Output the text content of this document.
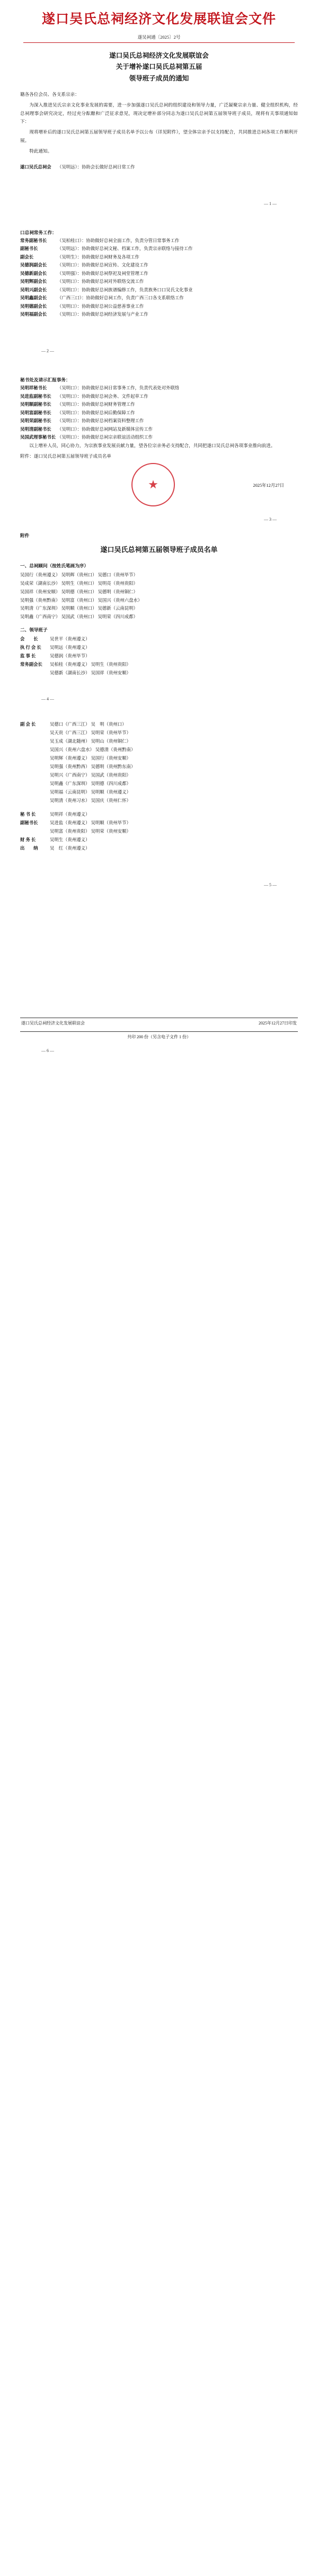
遂口吴氏总祠经济文化发展联谊会文件
遂吴祠通〔2025〕2号
遂口吴氏总祠经济文化发展联谊会
关于增补遂口吴氏总祠第五届
领导班子成员的通知

籍各各位会员、各支系宗亲：

为深入推进吴氏宗亲文化事业发展的需要，进一步加强遂口吴氏总祠的组织建设和领导力量，广泛凝聚宗亲力量、健全组织机构，经总祠理事会研究决定，经过充分酝酿和广泛征求意见，现决定增补部分同志为遂口吴氏总祠第五届领导班子成员，现将有关事项通知如下：

现将增补后的遂口吴氏总祠第五届领导班子成员名单予以公布（详见附件），望全体宗亲予以支持配合，共同推进总祠各项工作顺利开展。

特此通知。

遂口吴氏总祠会	（吴明远）：协助会长做好总祠日常工作
— 1 —
口总祠常务工作：
常务副秘书长	（吴柏桂口）：协助做好总祠全面工作，负责分管日常事务工作
副秘书长	（吴明远）：协助做好总祠文秘、档案工作，负责宗亲联络与接待工作
副会长	（吴明生）：协助做好总祠财务及各项工作
吴德润副会长	（吴明口）：协助做好总祠宣传、文化建设工作
吴德新副会长	（吴明强）：协助做好总祠祭祀及祠堂管理工作
吴明辉副会长	（吴明口）：协助做好总祠对外联络交流工作
吴明兴副会长	（吴明口）：协助做好总祠族谱编修工作，负责族务口口吴氏文化事业
吴明鑫副会长	（广西三口）：协助做好总祠工作，负责广西三口各支系联络工作
吴明德副会长	（吴明口）：协助做好总祠公益慈善事业工作
吴明福副会长	（吴明口）：协助做好总祠经济发展与产业工作
— 2 —
秘书处及请示汇报事务：
吴明祥秘书长	（吴明口）：协助做好总祠日常事务工作，负责代表处对外联络
吴进监副秘书长	（吴明口）：协助做好总祠会务、文件起草工作
吴明顺副秘书长	（吴明口）：协助做好总祠财务管理工作
吴明富副秘书长	（吴明口）：协助做好总祠后勤保障工作
吴明荣副秘书长	（吴明口）：协助做好总祠档案资料整理工作
吴明清副秘书长	（吴明口）：协助做好总祠网站及新媒体宣传工作
吴国武理事秘书长 （吴明口）：协助做好总祠宗亲联谊活动组织工作

以上增补人员，同心协力，为宗族事业发展贡献力量，望各位宗亲务必支持配合，共同把遂口吴氏总祠各项事业推向前进。

附件：遂口吴氏总祠第五届领导班子成员名单

★	2025年12月27日
— 3 —
附件
遂口吴氏总祠第五届领导班子成员名单
一、总祠顾问（按姓氏笔画为序）
吴国行（贵州遵义） 吴明辉（贵州口） 吴德口（贵州毕节）
吴成荣（湖南长沙） 吴明生（贵州口） 吴明亮（贵州贵阳）
吴国祥（贵州安顺） 吴明德（贵州口） 吴德明（贵州铜仁）
吴明强（贵州黔南） 吴明富（贵州口） 吴国兴（贵州六盘水）
吴明清（广东深圳） 吴明顺（贵州口） 吴德新（云南昆明）
吴明鑫（广西南宁） 吴国武（贵州口） 吴明荣（四川成都）
二、领导班子
会　　长	吴世平（贵州遵义）
执 行 会 长	吴明远（贵州遵义）
监 事 长	吴德润（贵州毕节）
常务副会长	吴柏桂（贵州遵义） 吴明生（贵州贵阳）
吴德新（湖南长沙） 吴国祥（贵州安顺）
— 4 —
副 会 长	吴德口（广西三江） 吴　明（贵州口）
吴天贵（广西三江） 吴明荣（贵州毕节）
吴玉成（湖北随州） 吴明山（贵州铜仁）
吴国兴（贵州六盘水） 吴德清（贵州黔南）
吴明辉（贵州遵义） 吴国行（贵州安顺）
吴明强（贵州黔西） 吴德明（贵州黔东南）
吴明兴（广西南宁） 吴国武（贵州贵阳）
吴明鑫（广东深圳） 吴明德（四川成都）
吴明福（云南昆明） 吴明顺（贵州遵义）
吴明清（贵州习水） 吴国庆（贵州仁怀）
秘 书 长	吴明祥（贵州遵义）
副秘书长	吴进监（贵州遵义） 吴明顺（贵州毕节）
吴明富（贵州贵阳） 吴明荣（贵州安顺）
财 务 长	吴明生（贵州遵义）
出　　纳	吴　红（贵州遵义）
— 5 —
遂口吴氏总祠经济文化发展联谊会	2025年12月27日印发
共印 200 份（另含电子文件 1 份）
— 6 —
